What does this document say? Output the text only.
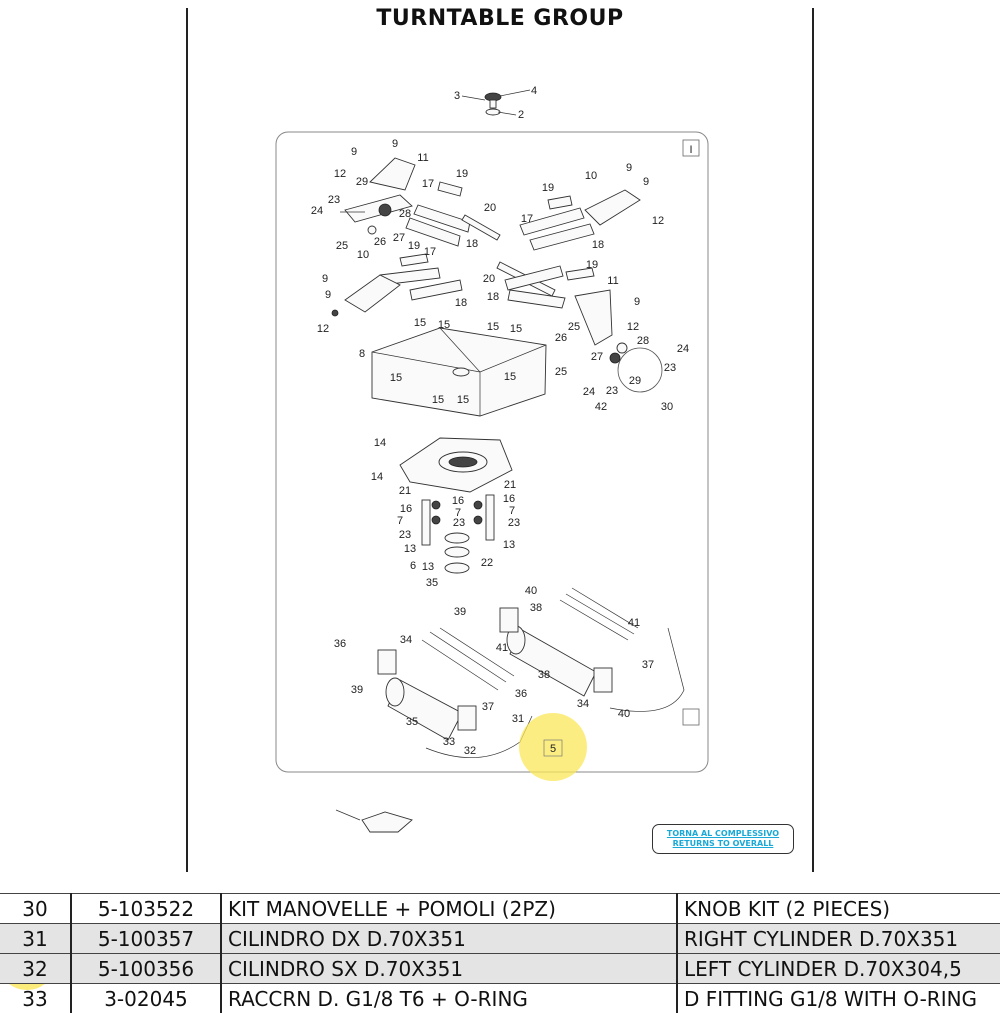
TURNTABLE GROUP
I
3	4
2
9
9
11
12
29
19
17
20
23
24	28
25 26 27	18
19
10
9
9
12
17
18
10
19 17
19
9
9
11
20
18
12
18	9
15 15	15 15	12
25
26	28
24
8	27
23
15	15	25
29
24 23
15 15
42	30
14
14
21	21
16	16
16	7
7
7
23
23	23
13	13
6 13	22
35
40
39	38
41
36	34
41
37
38
36
34
39
40
37
31
35
33
32	5
TORNA AL COMPLESSIVO
RETURNS TO OVERALL
30	5-103522	KIT MANOVELLE + POMOLI (2PZ)	KNOB KIT (2 PIECES)
31	5-100357	CILINDRO DX D.70X351	RIGHT CYLINDER D.70X351
32	5-100356	CILINDRO SX D.70X351	LEFT CYLINDER D.70X304,5
33	3-02045	RACCRN D. G1/8 T6 + O-RING	D FITTING G1/8 WITH O-RING
